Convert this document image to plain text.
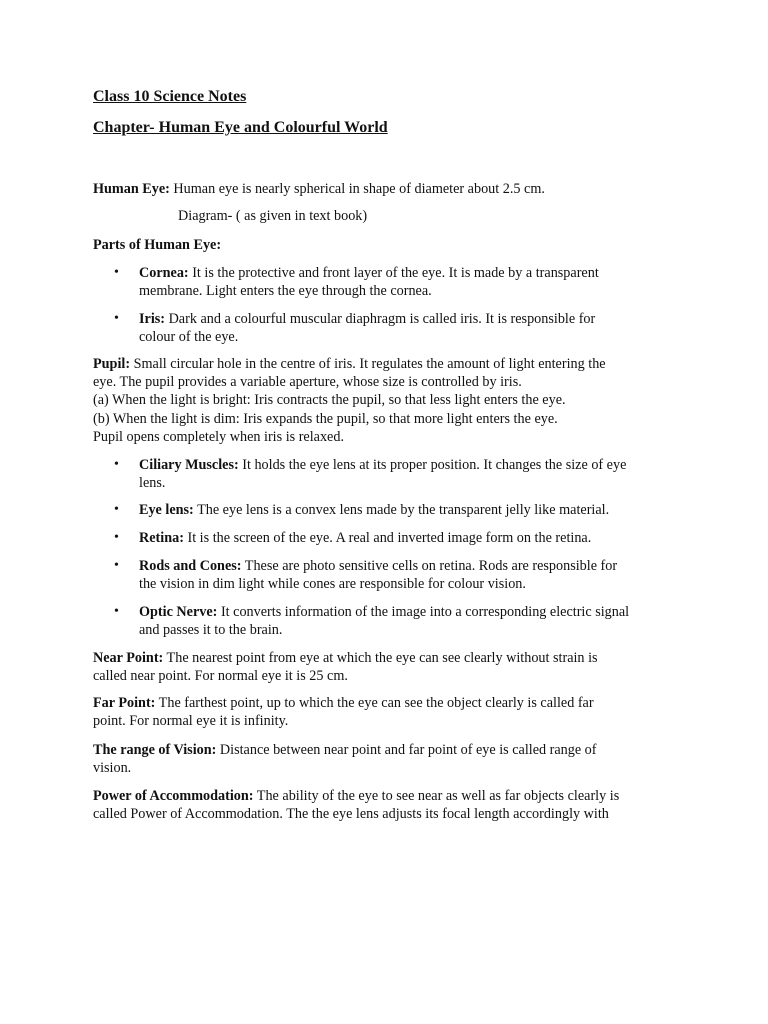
Class 10 Science Notes
Chapter- Human Eye and Colourful World
Human Eye: Human eye is nearly spherical in shape of diameter about 2.5 cm.
Diagram- ( as given in text book)
Parts of Human Eye:
• Cornea: It is the protective and front layer of the eye. It is made by a transparent
membrane. Light enters the eye through the cornea.
• Iris: Dark and a colourful muscular diaphragm is called iris. It is responsible for
colour of the eye.
Pupil: Small circular hole in the centre of iris. It regulates the amount of light entering the
eye. The pupil provides a variable aperture, whose size is controlled by iris.
(a) When the light is bright: Iris contracts the pupil, so that less light enters the eye.
(b) When the light is dim: Iris expands the pupil, so that more light enters the eye.
Pupil opens completely when iris is relaxed.
• Ciliary Muscles: It holds the eye lens at its proper position. It changes the size of eye
lens.
• Eye lens: The eye lens is a convex lens made by the transparent jelly like material.
• Retina: It is the screen of the eye. A real and inverted image form on the retina.
• Rods and Cones: These are photo sensitive cells on retina. Rods are responsible for
the vision in dim light while cones are responsible for colour vision.
• Optic Nerve: It converts information of the image into a corresponding electric signal
and passes it to the brain.
Near Point: The nearest point from eye at which the eye can see clearly without strain is
called near point. For normal eye it is 25 cm.
Far Point: The farthest point, up to which the eye can see the object clearly is called far
point. For normal eye it is infinity.
The range of Vision: Distance between near point and far point of eye is called range of
vision.
Power of Accommodation: The ability of the eye to see near as well as far objects clearly is
called Power of Accommodation. The the eye lens adjusts its focal length accordingly with
